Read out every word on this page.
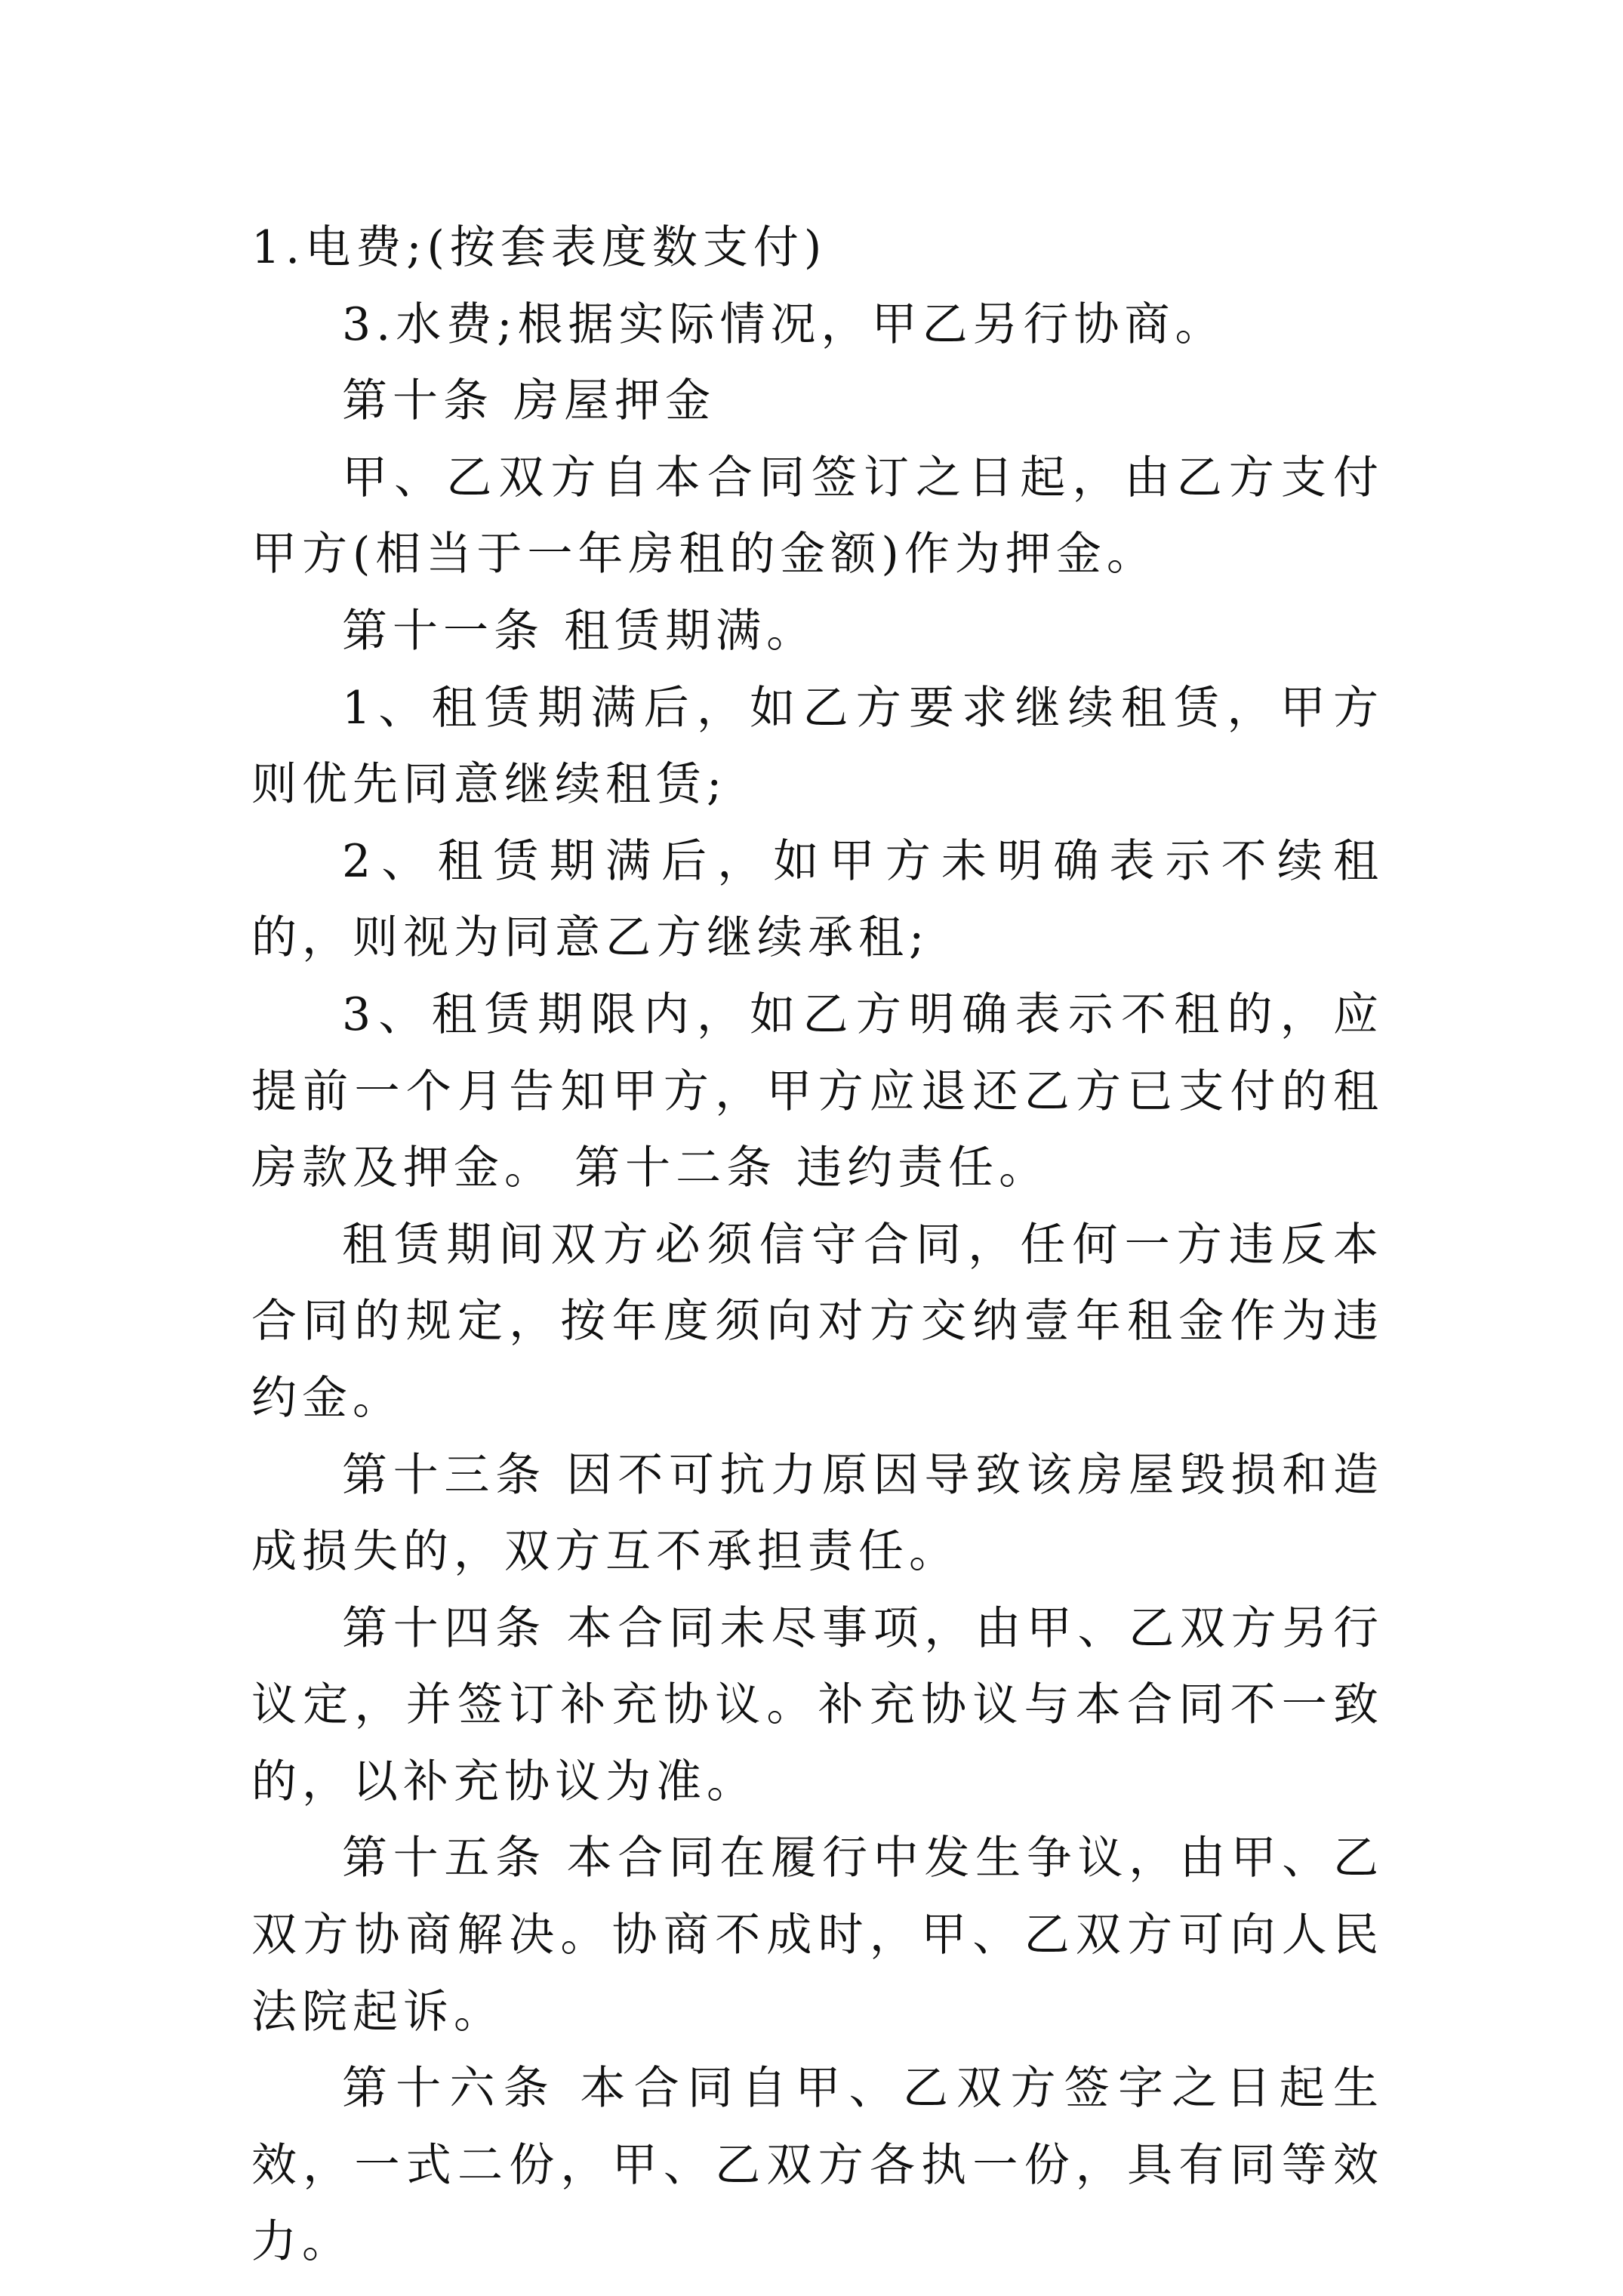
1.电费;(按套表度数支付)

3.水费;根据实际情况，甲乙另行协商。

第十条 房屋押金

甲、乙双方自本合同签订之日起，由乙方支付甲方(相当于一年房租的金额)作为押金。

第十一条 租赁期满。

1、租赁期满后，如乙方要求继续租赁，甲方则优先同意继续租赁;

2、租赁期满后，如甲方未明确表示不续租的，则视为同意乙方继续承租;

3、租赁期限内，如乙方明确表示不租的，应提前一个月告知甲方，甲方应退还乙方已支付的租房款及押金。 第十二条 违约责任。

租赁期间双方必须信守合同，任何一方违反本合同的规定，按年度须向对方交纳壹年租金作为违约金。

第十三条 因不可抗力原因导致该房屋毁损和造成损失的，双方互不承担责任。

第十四条 本合同未尽事项，由甲、乙双方另行议定，并签订补充协议。补充协议与本合同不一致的，以补充协议为准。

第十五条 本合同在履行中发生争议，由甲、乙双方协商解决。协商不成时，甲、乙双方可向人民法院起诉。

第十六条 本合同自甲、乙双方签字之日起生效，一式二份，甲、乙双方各执一份，具有同等效力。
